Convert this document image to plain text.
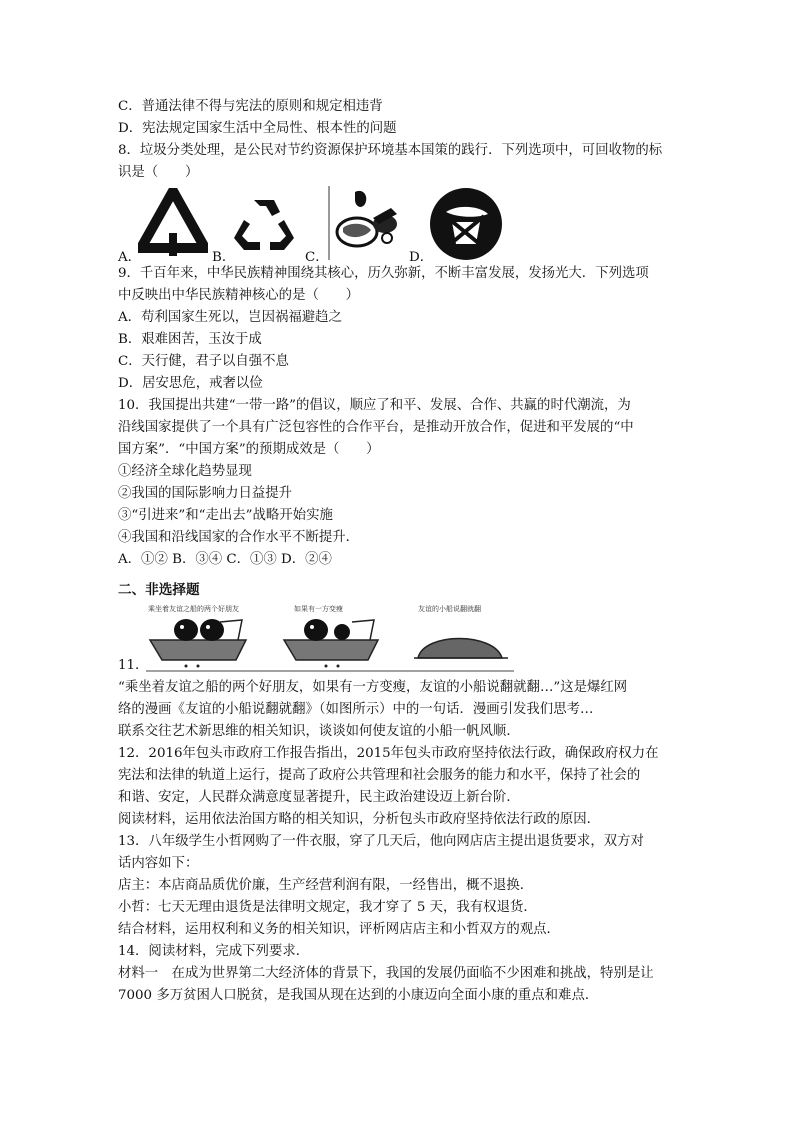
C．普通法律不得与宪法的原则和规定相违背
D．宪法规定国家生活中全局性、根本性的问题
8．垃圾分类处理，是公民对节约资源保护环境基本国策的践行．下列选项中，可回收物的标
识是（　　）
A．	B．	C．	D．
9．千百年来，中华民族精神围绕其核心，历久弥新，不断丰富发展，发扬光大．下列选项
中反映出中华民族精神核心的是（　　）
A．苟利国家生死以，岂因祸福避趋之
B．艰难困苦，玉汝于成
C．天行健，君子以自强不息
D．居安思危，戒奢以俭
10．我国提出共建“一带一路”的倡议，顺应了和平、发展、合作、共赢的时代潮流，为
沿线国家提供了一个具有广泛包容性的合作平台，是推动开放合作，促进和平发展的“中
国方案”．“中国方案”的预期成效是（　　）
①经济全球化趋势显现
②我国的国际影响力日益提升
③“引进来”和“走出去”战略开始实施
④我国和沿线国家的合作水平不断提升．
A．①② B．③④ C．①③ D．②④
二、非选择题
乘坐着友谊之船的两个好朋友	如果有一方变瘦	友谊的小船说翻就翻
11．
“乘坐着友谊之船的两个好朋友，如果有一方变瘦，友谊的小船说翻就翻…”这是爆红网
络的漫画《友谊的小船说翻就翻》（如图所示）中的一句话．漫画引发我们思考…
联系交往艺术新思维的相关知识，谈谈如何使友谊的小船一帆风顺．
12．2016年包头市政府工作报告指出，2015年包头市政府坚持依法行政，确保政府权力在
宪法和法律的轨道上运行，提高了政府公共管理和社会服务的能力和水平，保持了社会的
和谐、安定，人民群众满意度显著提升，民主政治建设迈上新台阶．
阅读材料，运用依法治国方略的相关知识，分析包头市政府坚持依法行政的原因．
13．八年级学生小哲网购了一件衣服，穿了几天后，他向网店店主提出退货要求，双方对
话内容如下：
店主：本店商品质优价廉，生产经营利润有限，一经售出，概不退换．
小哲：七天无理由退货是法律明文规定，我才穿了 5 天，我有权退货．
结合材料，运用权利和义务的相关知识，评析网店店主和小哲双方的观点．
14．阅读材料，完成下列要求．
材料一　在成为世界第二大经济体的背景下，我国的发展仍面临不少困难和挑战，特别是让
7000 多万贫困人口脱贫，是我国从现在达到的小康迈向全面小康的重点和难点．
